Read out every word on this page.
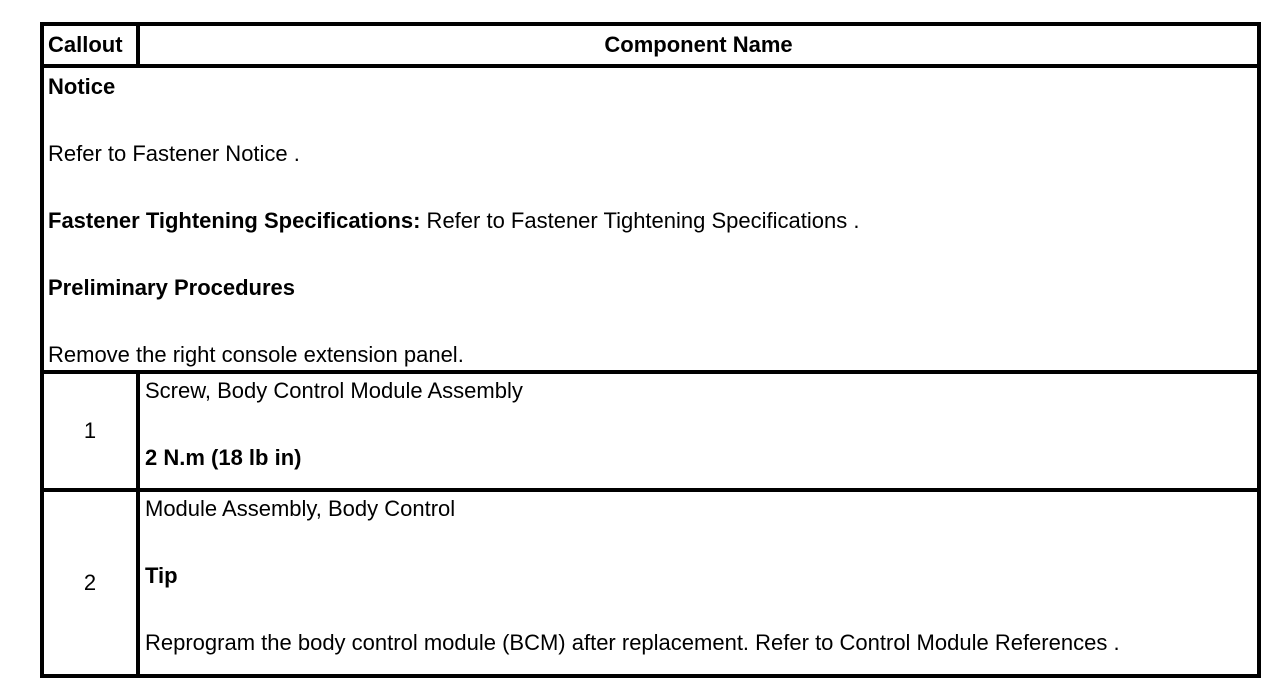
Callout	Component Name

Notice

Refer to Fastener Notice .

Fastener Tightening Specifications: Refer to Fastener Tightening Specifications .

Preliminary Procedures

Remove the right console extension panel.	

1	Screw, Body Control Module Assembly

2 N.m (18 lb in)

2	Module Assembly, Body Control

Tip

Reprogram the body control module (BCM) after replacement. Refer to Control Module References .
